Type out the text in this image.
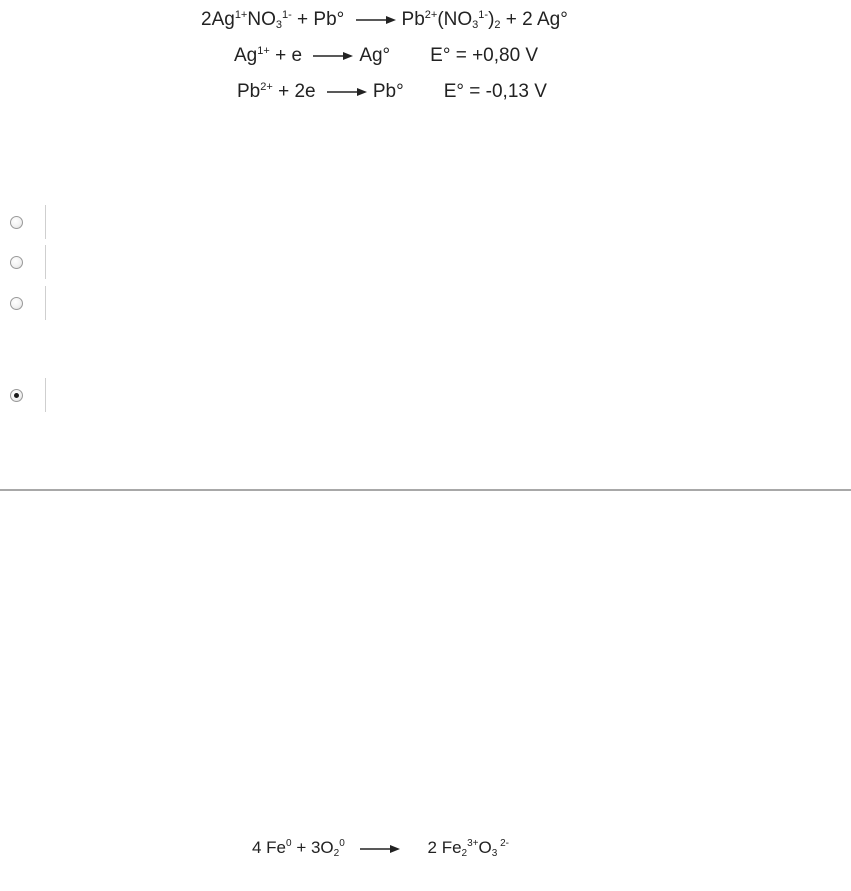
$2Ag^{1+}NO_3^{1-} + Pb^\circ \to Pb^{2+}(NO_3^{1-})_2 + 2$ Ag°
$Ag^{1+} + e$	Ag° E° = +0,80 V
$Pb^{2+} + 2e$	Pb° E° = -0,13 V
4 $Fe^0 + 3O_2^0 \to 2$ $Fe_2^{3+}O_3$ $^{2-}$
